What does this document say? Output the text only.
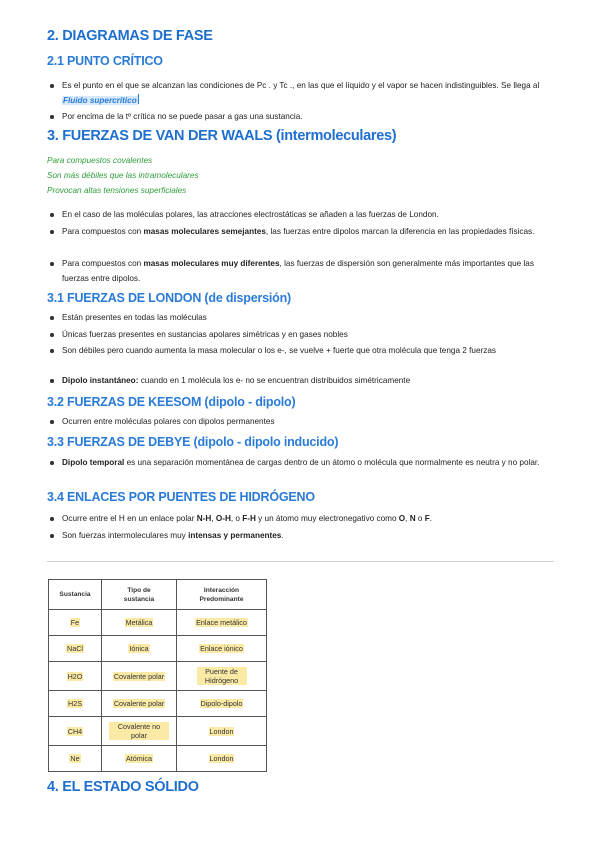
2. DIAGRAMAS DE FASE
2.1 PUNTO CRÍTICO
Es el punto en el que se alcanzan las condiciones de Pc . y Tc ., en las que el líquido y el vapor se hacen indistinguibles. Se llega al Fluido supercrítico
Por encima de la tº crítica no se puede pasar a gas una sustancia.
3. FUERZAS DE VAN DER WAALS (intermoleculares)
Para compuestos covalentes
Son más débiles que las intramoleculares
Provocan altas tensiones superficiales
En el caso de las moléculas polares, las atracciones electrostáticas se añaden a las fuerzas de London.
Para compuestos con masas moleculares semejantes, las fuerzas entre dipolos marcan la diferencia en las propiedades físicas.
Para compuestos con masas moleculares muy diferentes, las fuerzas de dispersión son generalmente más importantes que las fuerzas entre dipolos.
3.1 FUERZAS DE LONDON (de dispersión)
Están presentes en todas las moléculas
Únicas fuerzas presentes en sustancias apolares simétricas y en gases nobles
Son débiles pero cuando aumenta la masa molecular o los e-, se vuelve + fuerte que otra molécula que tenga 2 fuerzas
Dipolo instantáneo: cuando en 1 molécula los e- no se encuentran distribuidos simétricamente
3.2 FUERZAS DE KEESOM (dipolo - dipolo)
Ocurren entre moléculas polares con dipolos permanentes
3.3 FUERZAS DE DEBYE (dipolo - dipolo inducido)
Dipolo temporal es una separación momentánea de cargas dentro de un átomo o molécula que normalmente es neutra y no polar.
3.4 ENLACES POR PUENTES DE HIDRÓGENO
Ocurre entre el H en un enlace polar N-H, O-H, o F-H y un átomo muy electronegativo como O, N o F.
Son fuerzas intermoleculares muy intensas y permanentes.
Sustancia	Tipo de sustancia	Interacción Predominante
Fe	Metálica	Enlace metálico
NaCl	Iónica	Enlace iónico
H2O	Covalente polar	Puente de Hidrógeno
H2S	Covalente polar	Dipolo-dipolo
CH4	Covalente no polar	London
Ne	Atómica	London
4. EL ESTADO SÓLIDO
